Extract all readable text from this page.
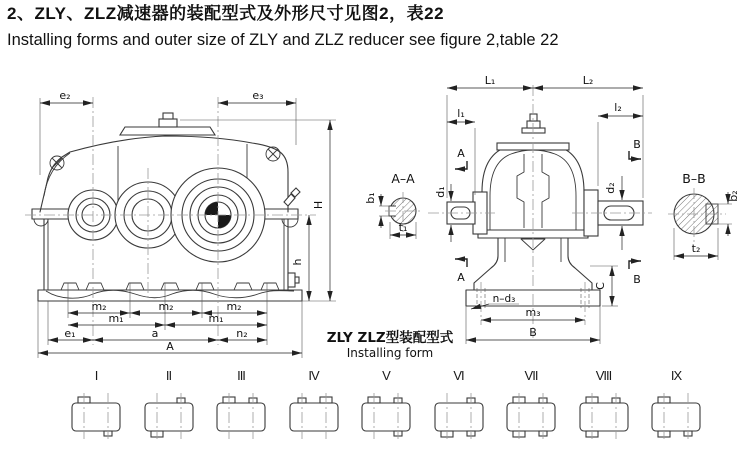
2、ZLY、ZLZ减速器的装配型式及外形尺寸见图2，表22
Installing forms and outer size of ZLY and ZLZ reducer see figure 2,table 22
e₂	e₃
H
h
m₂	m₂	m₂
m₁	m₁
e₁	a	n₂
A
A–A
b₁
t₁
L₁	L₂
l₁	l₂
d₁	d₂
A
A
B
B
C
n–d₃
m₃
B
B–B
b₂
t₂
ZLY ZLZ型装配型式
Installing form
I	II	III	IV	V	VI	VII	VIII	IX
